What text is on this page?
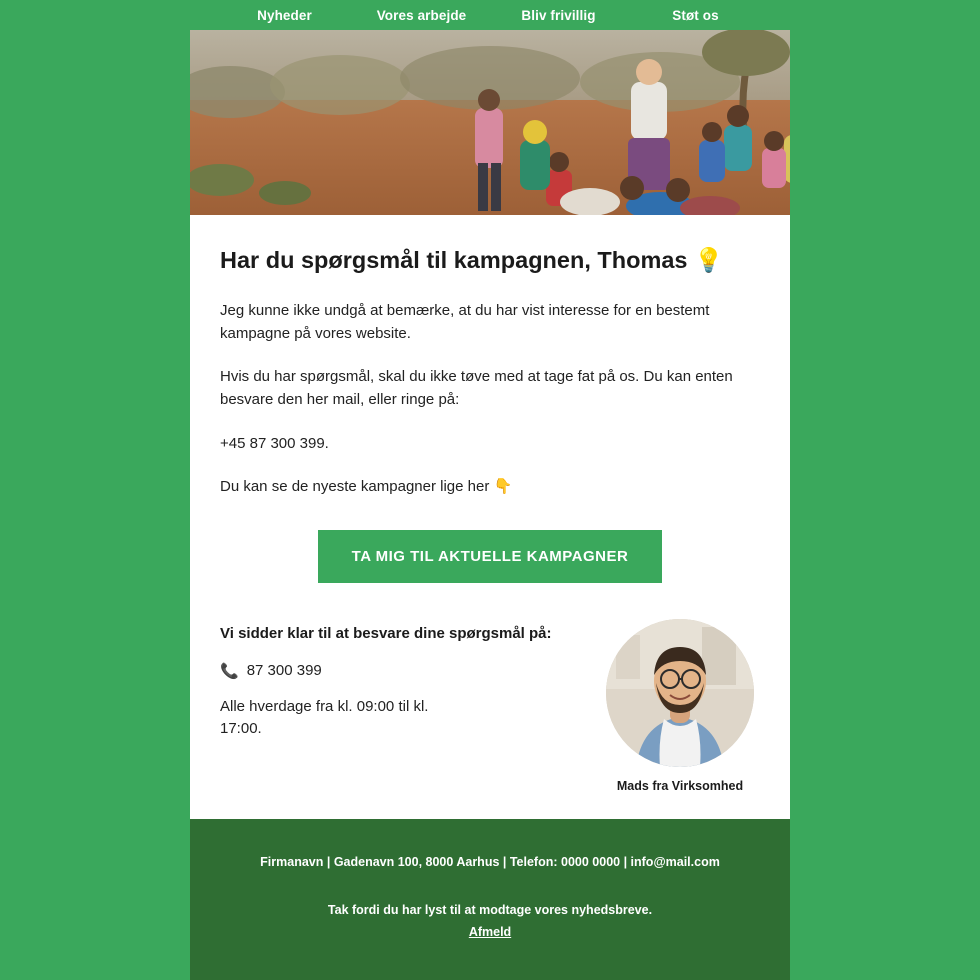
Nyheder	Vores arbejde	Bliv frivillig	Støt os
Har du spørgsmål til kampagnen, Thomas 💡

Jeg kunne ikke undgå at bemærke, at du har vist interesse for en bestemt kampagne på vores website.

Hvis du har spørgsmål, skal du ikke tøve med at tage fat på os. Du kan enten besvare den her mail, eller ringe på:

+45 87 300 399.

Du kan se de nyeste kampagner lige her 👇

TA MIG TIL AKTUELLE KAMPAGNER

Vi sidder klar til at besvare dine spørgsmål på:

📞 87 300 399

Alle hverdage fra kl. 09:00 til kl. 17:00.

Mads fra Virksomhed

Firmanavn | Gadenavn 100, 8000 Aarhus | Telefon: 0000 0000 | info@mail.com

Tak fordi du har lyst til at modtage vores nyhedsbreve.

Afmeld
